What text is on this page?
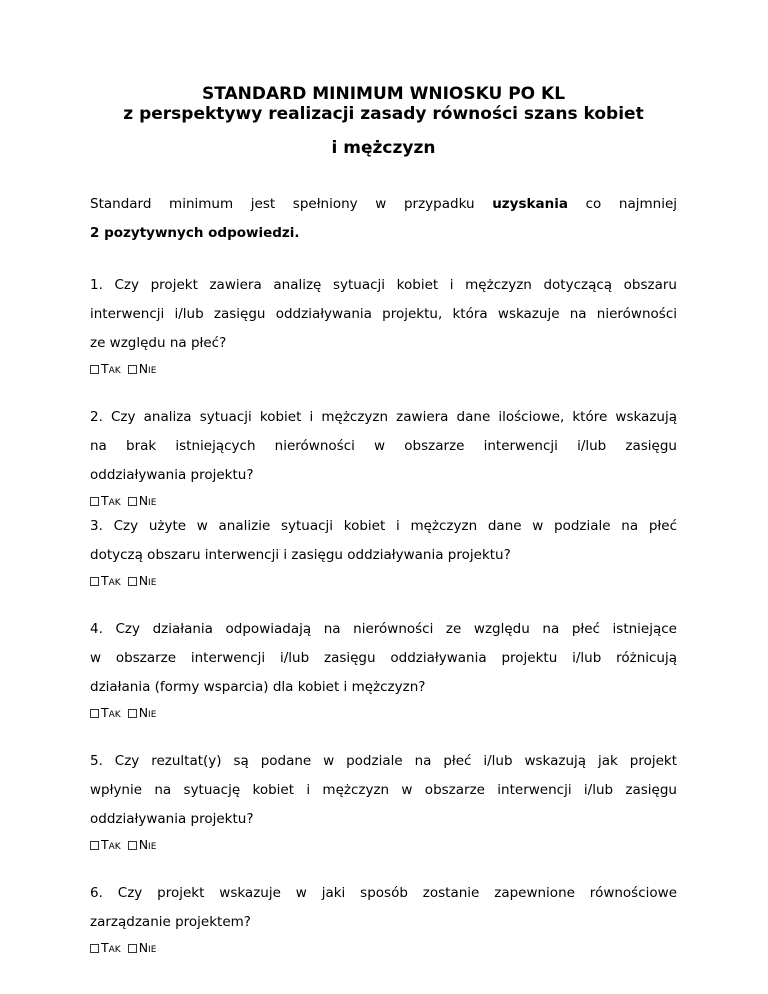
STANDARD MINIMUM WNIOSKU PO KL
z perspektywy realizacji zasady równości szans kobiet
i mężczyzn
Standard minimum jest spełniony w przypadku uzyskania co najmniej
2 pozytywnych odpowiedzi.
1. Czy projekt zawiera analizę sytuacji kobiet i mężczyzn dotyczącą obszaru
interwencji i/lub zasięgu oddziaływania projektu, która wskazuje na nierówności
ze względu na płeć?
Tak Nie
2. Czy analiza sytuacji kobiet i mężczyzn zawiera dane ilościowe, które wskazują
na brak istniejących nierówności w obszarze interwencji i/lub zasięgu
oddziaływania projektu?
Tak Nie
3. Czy użyte w analizie sytuacji kobiet i mężczyzn dane w podziale na płeć
dotyczą obszaru interwencji i zasięgu oddziaływania projektu?
Tak Nie
4. Czy działania odpowiadają na nierówności ze względu na płeć istniejące
w obszarze interwencji i/lub zasięgu oddziaływania projektu i/lub różnicują
działania (formy wsparcia) dla kobiet i mężczyzn?
Tak Nie
5. Czy rezultat(y) są podane w podziale na płeć i/lub wskazują jak projekt
wpłynie na sytuację kobiet i mężczyzn w obszarze interwencji i/lub zasięgu
oddziaływania projektu?
Tak Nie
6. Czy projekt wskazuje w jaki sposób zostanie zapewnione równościowe
zarządzanie projektem?
Tak Nie
